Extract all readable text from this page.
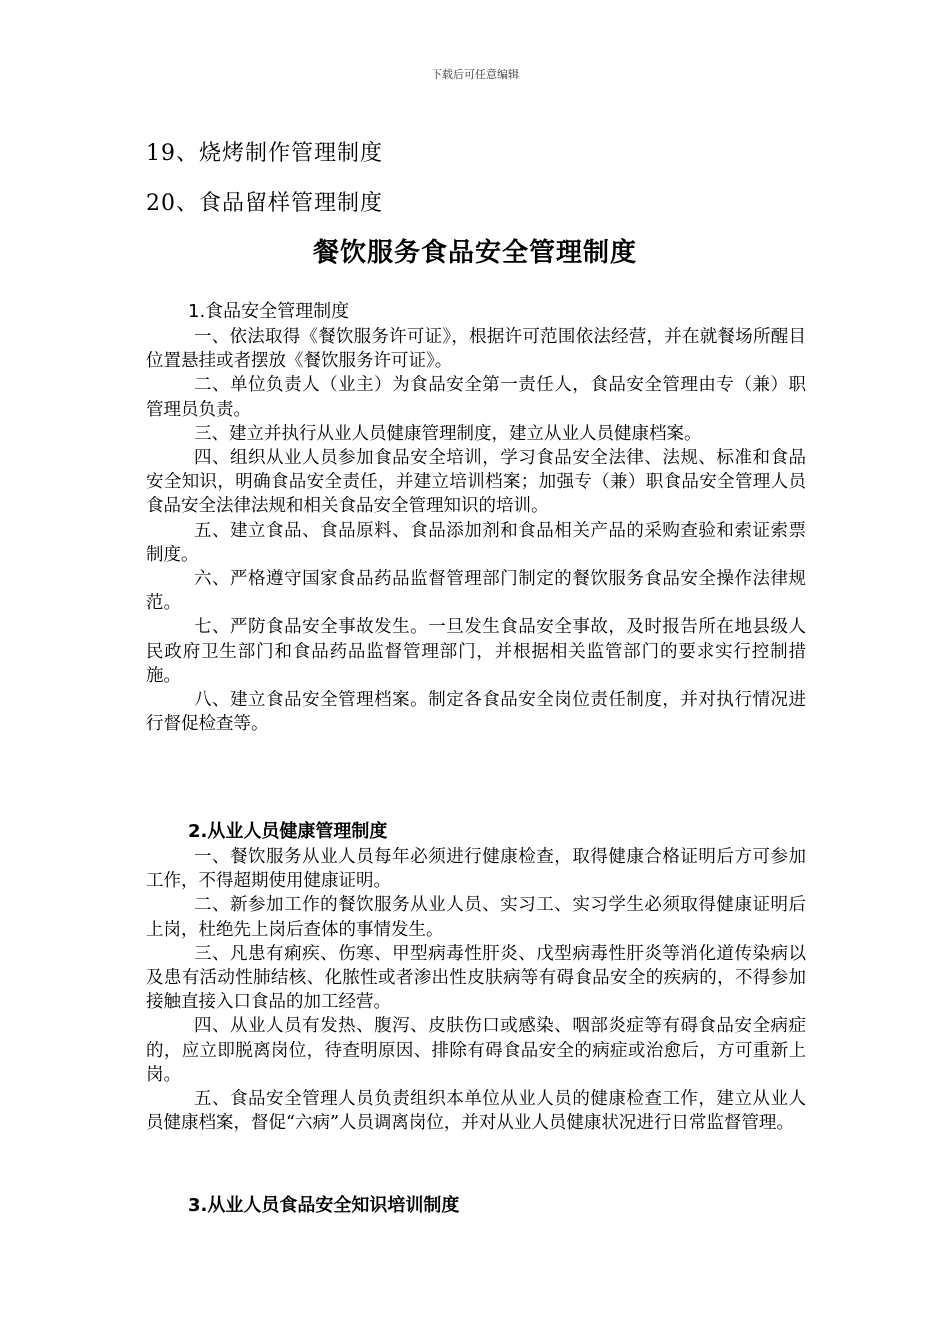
下载后可任意编辑
19、烧烤制作管理制度
20、食品留样管理制度
餐饮服务食品安全管理制度
1.食品安全管理制度

一、依法取得《餐饮服务许可证》，根据许可范围依法经营，并在就餐场所醒目位置悬挂或者摆放《餐饮服务许可证》。

二、单位负责人（业主）为食品安全第一责任人，食品安全管理由专（兼）职管理员负责。

三、建立并执行从业人员健康管理制度，建立从业人员健康档案。

四、组织从业人员参加食品安全培训，学习食品安全法律、法规、标准和食品安全知识，明确食品安全责任，并建立培训档案；加强专（兼）职食品安全管理人员食品安全法律法规和相关食品安全管理知识的培训。

五、建立食品、食品原料、食品添加剂和食品相关产品的采购查验和索证索票制度。

六、严格遵守国家食品药品监督管理部门制定的餐饮服务食品安全操作法律规范。

七、严防食品安全事故发生。一旦发生食品安全事故，及时报告所在地县级人民政府卫生部门和食品药品监督管理部门，并根据相关监管部门的要求实行控制措施。

八、建立食品安全管理档案。制定各食品安全岗位责任制度，并对执行情况进行督促检查等。

2.从业人员健康管理制度

一、餐饮服务从业人员每年必须进行健康检查，取得健康合格证明后方可参加工作，不得超期使用健康证明。

二、新参加工作的餐饮服务从业人员、实习工、实习学生必须取得健康证明后上岗，杜绝先上岗后查体的事情发生。

三、凡患有痢疾、伤寒、甲型病毒性肝炎、戊型病毒性肝炎等消化道传染病以及患有活动性肺结核、化脓性或者渗出性皮肤病等有碍食品安全的疾病的，不得参加接触直接入口食品的加工经营。

四、从业人员有发热、腹泻、皮肤伤口或感染、咽部炎症等有碍食品安全病症的，应立即脱离岗位，待查明原因、排除有碍食品安全的病症或治愈后，方可重新上岗。

五、食品安全管理人员负责组织本单位从业人员的健康检查工作，建立从业人员健康档案，督促“六病”人员调离岗位，并对从业人员健康状况进行日常监督管理。

3.从业人员食品安全知识培训制度
